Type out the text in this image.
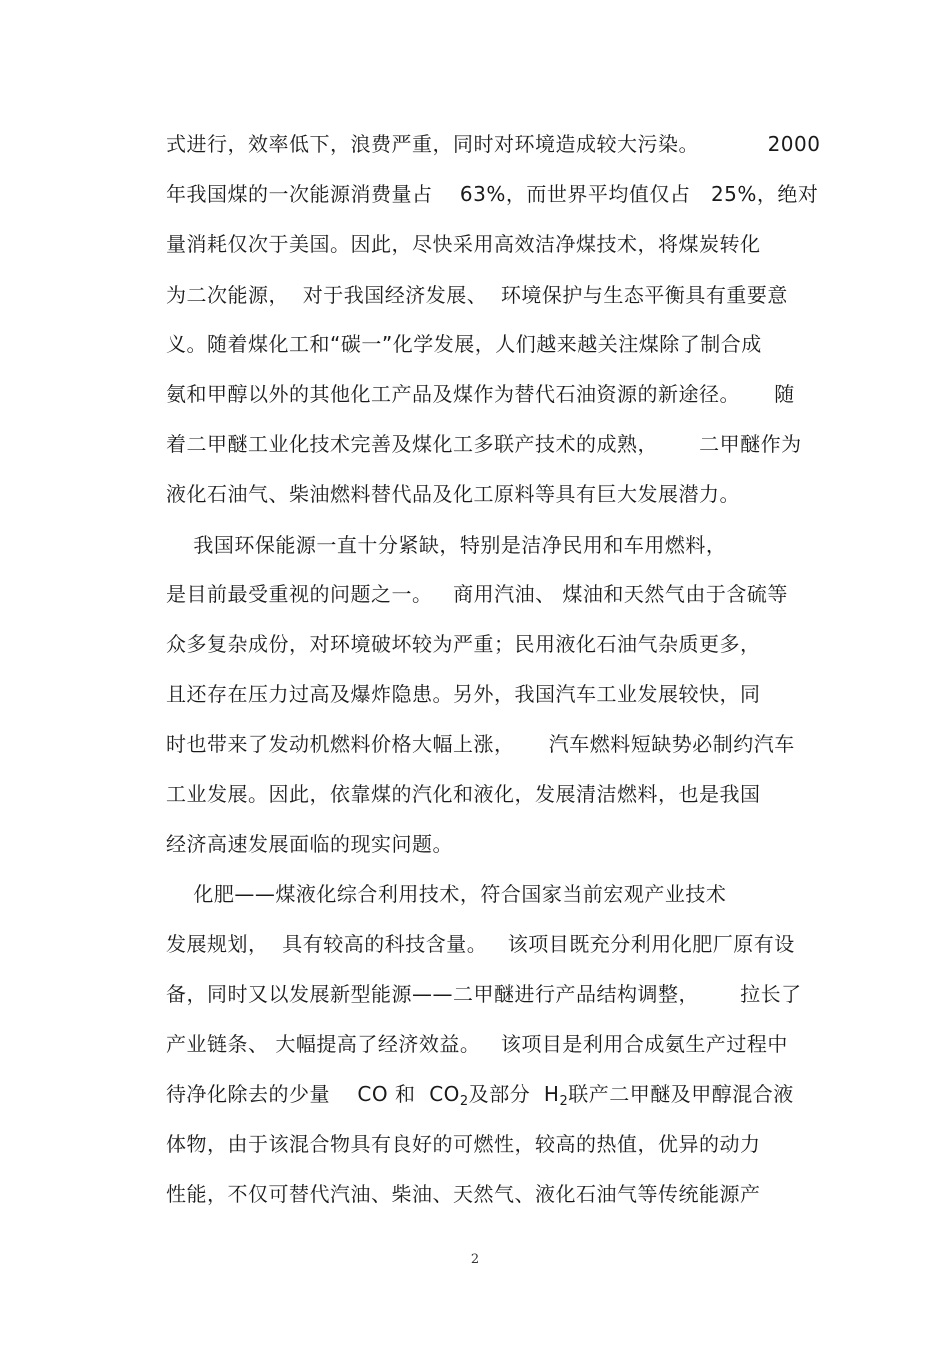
式进行，效率低下，浪费严重，同时对环境造成较大污染。          2000
年我国煤的一次能源消费量占    63%，而世界平均值仅占   25%，绝对
量消耗仅次于美国。因此，尽快采用高效洁净煤技术，将煤炭转化
为二次能源，  对于我国经济发展、  环境保护与生态平衡具有重要意
义。随着煤化工和“碳一”化学发展，人们越来越关注煤除了制合成
氨和甲醇以外的其他化工产品及煤作为替代石油资源的新途径。     随
着二甲醚工业化技术完善及煤化工多联产技术的成熟，      二甲醚作为
液化石油气、柴油燃料替代品及化工原料等具有巨大发展潜力。
我国环保能源一直十分紧缺，特别是洁净民用和车用燃料，
是目前最受重视的问题之一。   商用汽油、 煤油和天然气由于含硫等
众多复杂成份，对环境破坏较为严重；民用液化石油气杂质更多，
且还存在压力过高及爆炸隐患。另外，我国汽车工业发展较快，同
时也带来了发动机燃料价格大幅上涨，     汽车燃料短缺势必制约汽车
工业发展。因此，依靠煤的汽化和液化，发展清洁燃料，也是我国
经济高速发展面临的现实问题。
化肥——煤液化综合利用技术，符合国家当前宏观产业技术
发展规划，  具有较高的科技含量。   该项目既充分利用化肥厂原有设
备，同时又以发展新型能源——二甲醚进行产品结构调整，      拉长了
产业链条、 大幅提高了经济效益。   该项目是利用合成氨生产过程中
待净化除去的少量    CO 和  $CO_2$及部分  $H_2$联产二甲醚及甲醇混合液
体物，由于该混合物具有良好的可燃性，较高的热值，优异的动力
性能，不仅可替代汽油、柴油、天然气、液化石油气等传统能源产
2
